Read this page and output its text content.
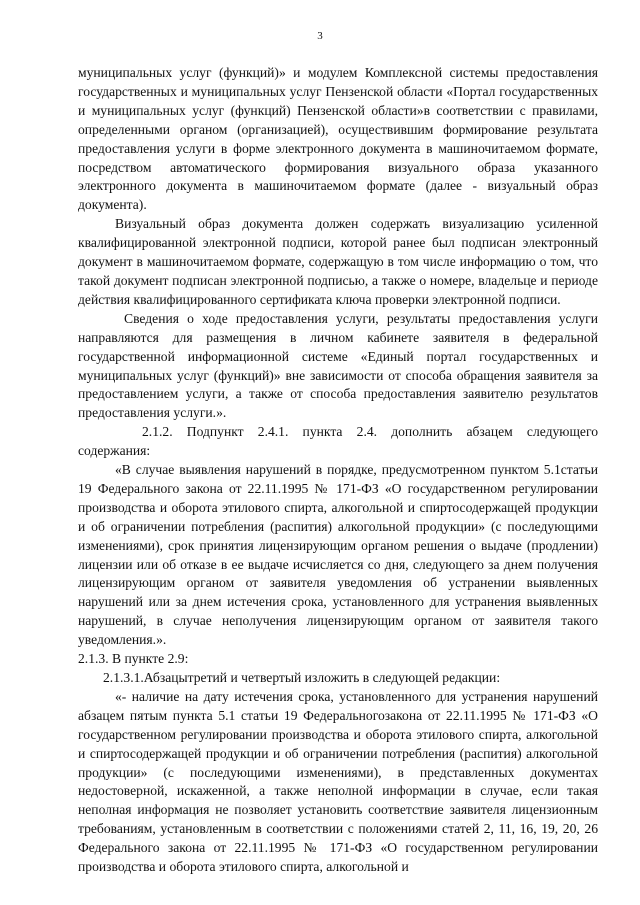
3

муниципальных услуг (функций)» и модулем Комплексной системы предоставления государственных и муниципальных услуг Пензенской области «Портал государственных и муниципальных услуг (функций) Пензенской области»в соответствии с правилами, определенными органом (организацией), осуществившим формирование результата предоставления услуги в форме электронного документа в машиночитаемом формате, посредством автоматического формирования визуального образа указанного электронного документа в машиночитаемом формате (далее - визуальный образ документа).

Визуальный образ документа должен содержать визуализацию усиленной квалифицированной электронной подписи, которой ранее был подписан электронный документ в машиночитаемом формате, содержащую в том числе информацию о том, что такой документ подписан электронной подписью, а также о номере, владельце и периоде действия квалифицированного сертификата ключа проверки электронной подписи.

Сведения о ходе предоставления услуги, результаты предоставления услуги направляются для размещения в личном кабинете заявителя в федеральной государственной информационной системе «Единый портал государственных и муниципальных услуг (функций)» вне зависимости от способа обращения заявителя за предоставлением услуги, а также от способа предоставления заявителю результатов предоставления услуги.».

2.1.2. Подпункт 2.4.1. пункта 2.4. дополнить абзацем следующего содержания:

«В случае выявления нарушений в порядке, предусмотренном пунктом 5.1статьи 19 Федерального закона от 22.11.1995 № 171-ФЗ «О государственном регулировании производства и оборота этилового спирта, алкогольной и спиртосодержащей продукции и об ограничении потребления (распития) алкогольной продукции» (с последующими изменениями), срок принятия лицензирующим органом решения о выдаче (продлении) лицензии или об отказе в ее выдаче исчисляется со дня, следующего за днем получения лицензирующим органом от заявителя уведомления об устранении выявленных нарушений или за днем истечения срока, установленного для устранения выявленных нарушений, в случае неполучения лицензирующим органом от заявителя такого уведомления.».

2.1.3. В пункте 2.9:

2.1.3.1.Абзацытретий и четвертый изложить в следующей редакции:

«- наличие на дату истечения срока, установленного для устранения нарушений абзацем пятым пункта 5.1 статьи 19 Федеральногозакона от 22.11.1995 № 171-ФЗ «О государственном регулировании производства и оборота этилового спирта, алкогольной и спиртосодержащей продукции и об ограничении потребления (распития) алкогольной продукции» (с последующими изменениями), в представленных документах недостоверной, искаженной, а также неполной информации в случае, если такая неполная информация не позволяет установить соответствие заявителя лицензионным требованиям, установленным в соответствии с положениями статей 2, 11, 16, 19, 20, 26 Федерального закона от 22.11.1995 № 171-ФЗ «О государственном регулировании производства и оборота этилового спирта, алкогольной и
